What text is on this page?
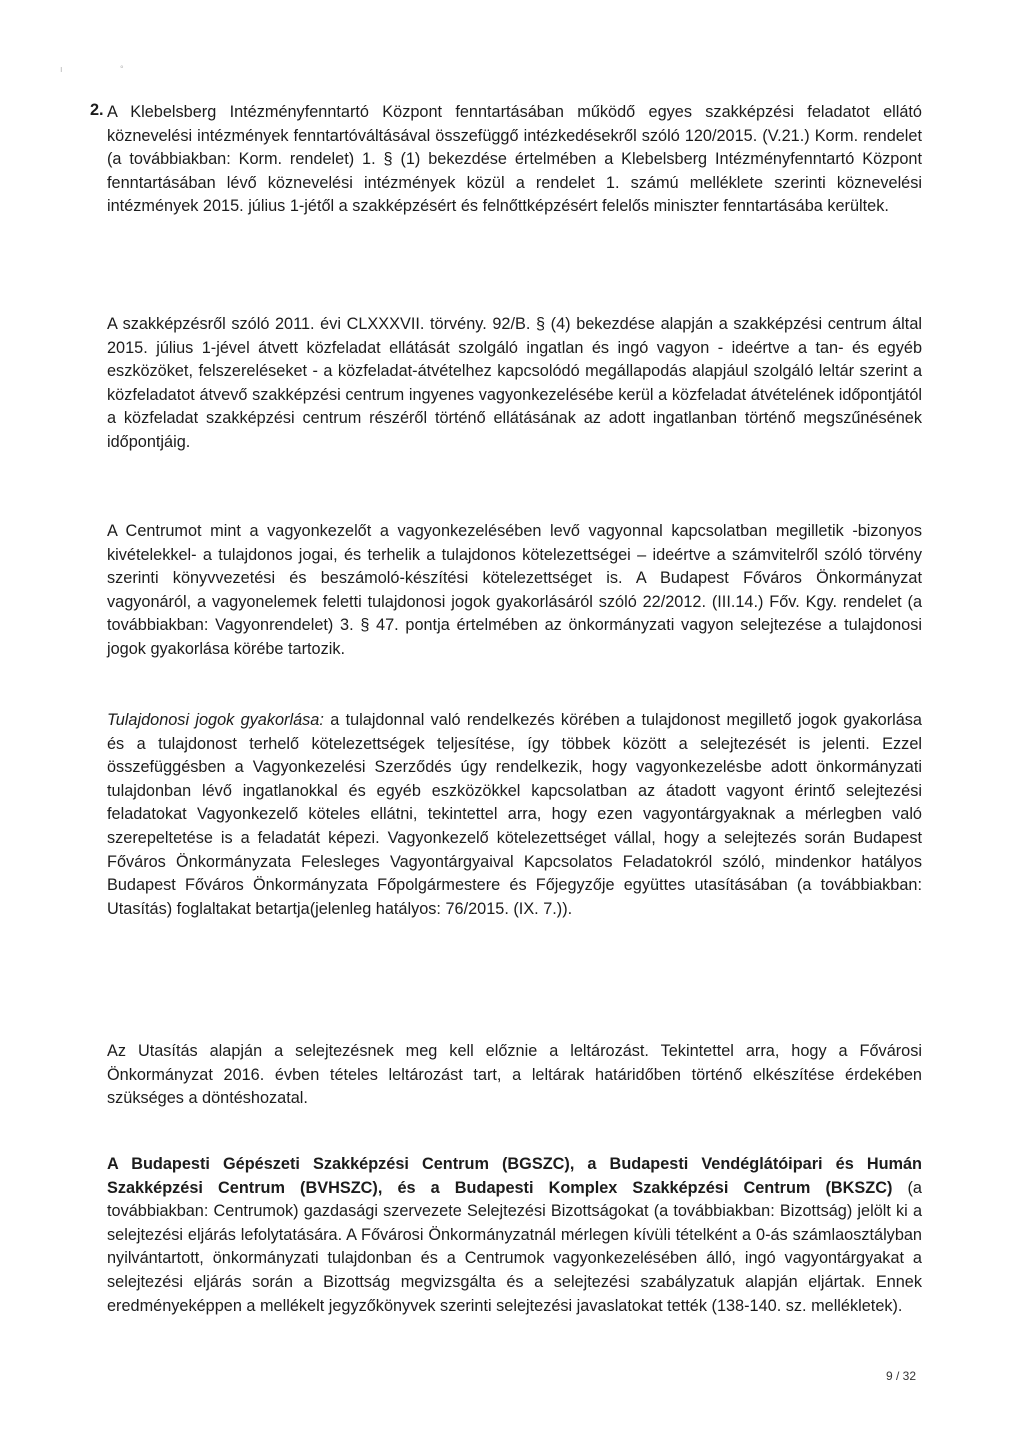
ı	°
2. A Klebelsberg Intézményfenntartó Központ fenntartásában működő egyes szakképzési feladatot ellátó köznevelési intézmények fenntartóváltásával összefüggő intézkedésekről szóló 120/2015. (V.21.) Korm. rendelet (a továbbiakban: Korm. rendelet) 1. § (1) bekezdése értelmében a Klebelsberg Intézményfenntartó Központ fenntartásában lévő köznevelési intézmények közül a rendelet 1. számú melléklete szerinti köznevelési intézmények 2015. július 1-jétől a szakképzésért és felnőttképzésért felelős miniszter fenntartásába kerültek.

A szakképzésről szóló 2011. évi CLXXXVII. törvény. 92/B. § (4) bekezdése alapján a szakképzési centrum által 2015. július 1-jével átvett közfeladat ellátását szolgáló ingatlan és ingó vagyon - ideértve a tan- és egyéb eszközöket, felszereléseket - a közfeladat-átvételhez kapcsolódó megállapodás alapjául szolgáló leltár szerint a közfeladatot átvevő szakképzési centrum ingyenes vagyonkezelésébe kerül a közfeladat átvételének időpontjától a közfeladat szakképzési centrum részéről történő ellátásának az adott ingatlanban történő megszűnésének időpontjáig.

A Centrumot mint a vagyonkezelőt a vagyonkezelésében levő vagyonnal kapcsolatban megilletik -bizonyos kivételekkel- a tulajdonos jogai, és terhelik a tulajdonos kötelezettségei – ideértve a számvitelről szóló törvény szerinti könyvvezetési és beszámoló-készítési kötelezettséget is. A Budapest Főváros Önkormányzat vagyonáról, a vagyonelemek feletti tulajdonosi jogok gyakorlásáról szóló 22/2012. (III.14.) Főv. Kgy. rendelet (a továbbiakban: Vagyonrendelet) 3. § 47. pontja értelmében az önkormányzati vagyon selejtezése a tulajdonosi jogok gyakorlása körébe tartozik.

Tulajdonosi jogok gyakorlása: a tulajdonnal való rendelkezés körében a tulajdonost megillető jogok gyakorlása és a tulajdonost terhelő kötelezettségek teljesítése, így többek között a selejtezését is jelenti. Ezzel összefüggésben a Vagyonkezelési Szerződés úgy rendelkezik, hogy vagyonkezelésbe adott önkormányzati tulajdonban lévő ingatlanokkal és egyéb eszközökkel kapcsolatban az átadott vagyont érintő selejtezési feladatokat Vagyonkezelő köteles ellátni, tekintettel arra, hogy ezen vagyontárgyaknak a mérlegben való szerepeltetése is a feladatát képezi. Vagyonkezelő kötelezettséget vállal, hogy a selejtezés során Budapest Főváros Önkormányzata Felesleges Vagyontárgyaival Kapcsolatos Feladatokról szóló, mindenkor hatályos Budapest Főváros Önkormányzata Főpolgármestere és Főjegyzője együttes utasításában (a továbbiakban: Utasítás) foglaltakat betartja(jelenleg hatályos: 76/2015. (IX. 7.)).

Az Utasítás alapján a selejtezésnek meg kell előznie a leltározást. Tekintettel arra, hogy a Fővárosi Önkormányzat 2016. évben tételes leltározást tart, a leltárak határidőben történő elkészítése érdekében szükséges a döntéshozatal.

A Budapesti Gépészeti Szakképzési Centrum (BGSZC), a Budapesti Vendéglátóipari és Humán Szakképzési Centrum (BVHSZC), és a Budapesti Komplex Szakképzési Centrum (BKSZC) (a továbbiakban: Centrumok) gazdasági szervezete Selejtezési Bizottságokat (a továbbiakban: Bizottság) jelölt ki a selejtezési eljárás lefolytatására. A Fővárosi Önkormányzatnál mérlegen kívüli tételként a 0-ás számlaosztályban nyilvántartott, önkormányzati tulajdonban és a Centrumok vagyonkezelésében álló, ingó vagyontárgyakat a selejtezési eljárás során a Bizottság megvizsgálta és a selejtezési szabályzatuk alapján eljártak. Ennek eredményeképpen a mellékelt jegyzőkönyvek szerinti selejtezési javaslatokat tették (138-140. sz. mellékletek).

9 / 32
